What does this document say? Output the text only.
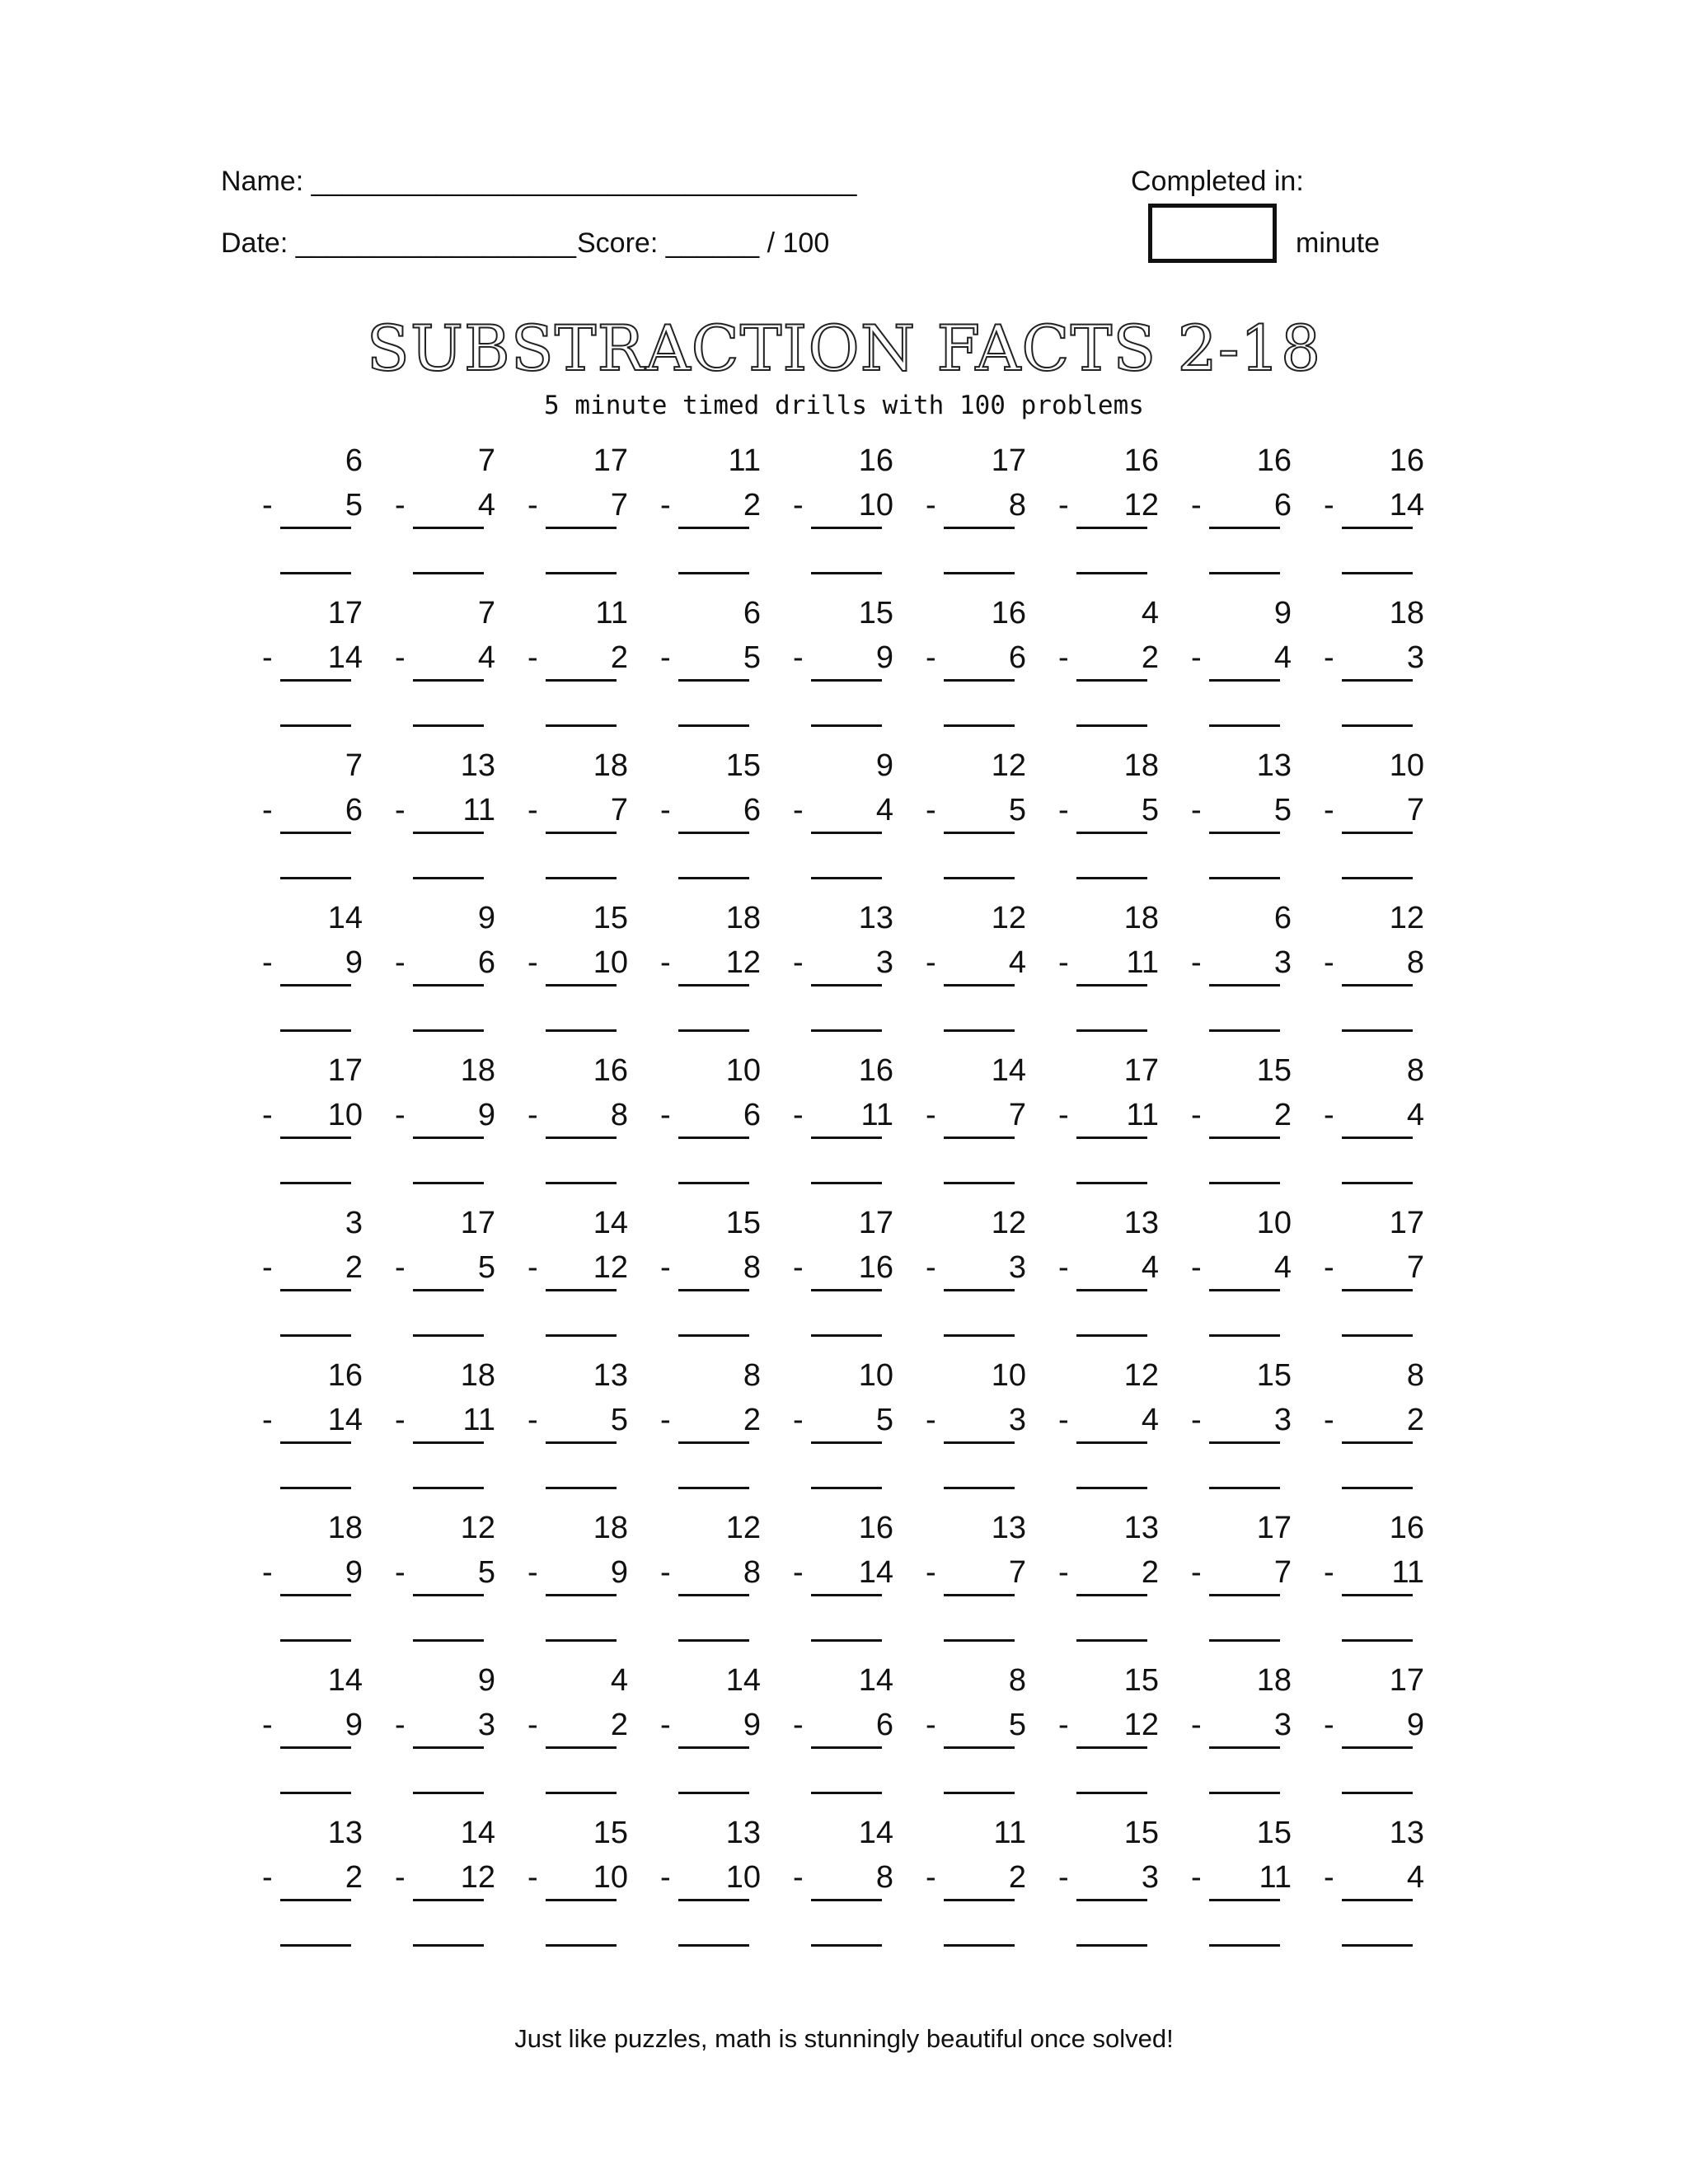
Name: ___________________________________	Completed in:
Date: __________________ Score: ______ / 100	minute
SUBSTRACTION FACTS 2-18
5 minute timed drills with 100 problems
6
-	5
7
-	4
17
-	7
11
-	2
16
-	10
17
-	8
16
-	12
16
-	6
16
-	14
17
-	14
7
-	4
11
-	2
6
-	5
15
-	9
16
-	6
4
-	2
9
-	4
18
-	3
7
-	6
13
-	11
18
-	7
15
-	6
9
-	4
12
-	5
18
-	5
13
-	5
10
-	7
14
-	9
9
-	6
15
-	10
18
-	12
13
-	3
12
-	4
18
-	11
6
-	3
12
-	8
17
-	10
18
-	9
16
-	8
10
-	6
16
-	11
14
-	7
17
-	11
15
-	2
8
-	4
3
-	2
17
-	5
14
-	12
15
-	8
17
-	16
12
-	3
13
-	4
10
-	4
17
-	7
16
-	14
18
-	11
13
-	5
8
-	2
10
-	5
10
-	3
12
-	4
15
-	3
8
-	2
18
-	9
12
-	5
18
-	9
12
-	8
16
-	14
13
-	7
13
-	2
17
-	7
16
-	11
14
-	9
9
-	3
4
-	2
14
-	9
14
-	6
8
-	5
15
-	12
18
-	3
17
-	9
13
-	2
14
-	12
15
-	10
13
-	10
14
-	8
11
-	2
15
-	3
15
-	11
13
-	4
Just like puzzles, math is stunningly beautiful once solved!
